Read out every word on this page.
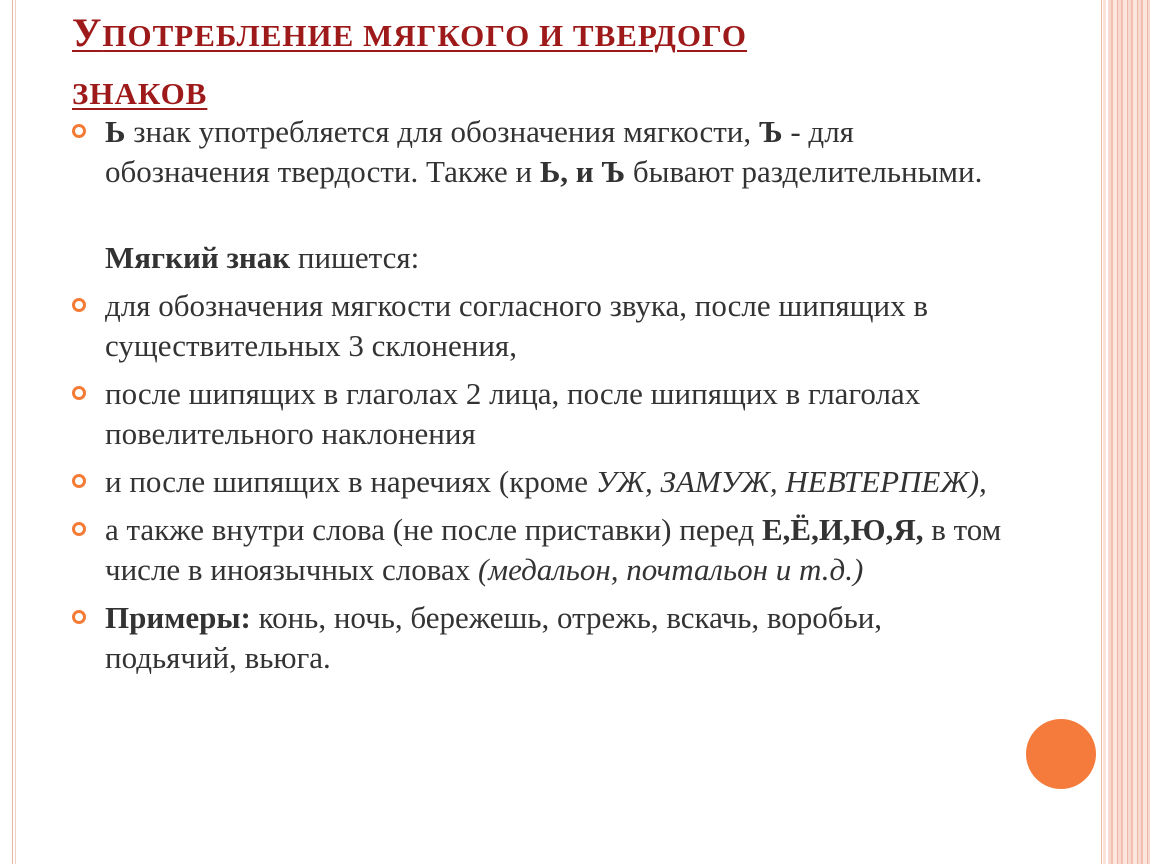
УПОТРЕБЛЕНИЕ МЯГКОГО И ТВЕРДОГО
ЗНАКОВ
Ь знак употребляется для обозначения мягкости, Ъ - для обозначения твердости. Также и Ь, и Ъ бывают разделительными.
Мягкий знак пишется:
для обозначения мягкости согласного звука, после шипящих в существительных 3 склонения,
после шипящих в глаголах 2 лица, после шипящих в глаголах повелительного наклонения
и после шипящих в наречиях (кроме УЖ, ЗАМУЖ, НЕВТЕРПЕЖ),
а также внутри слова (не после приставки) перед Е,Ё,И,Ю,Я, в том числе в иноязычных словах (медальон, почтальон и т.д.)
Примеры: конь, ночь, бережешь, отрежь, вскачь, воробьи, подьячий, вьюга.
